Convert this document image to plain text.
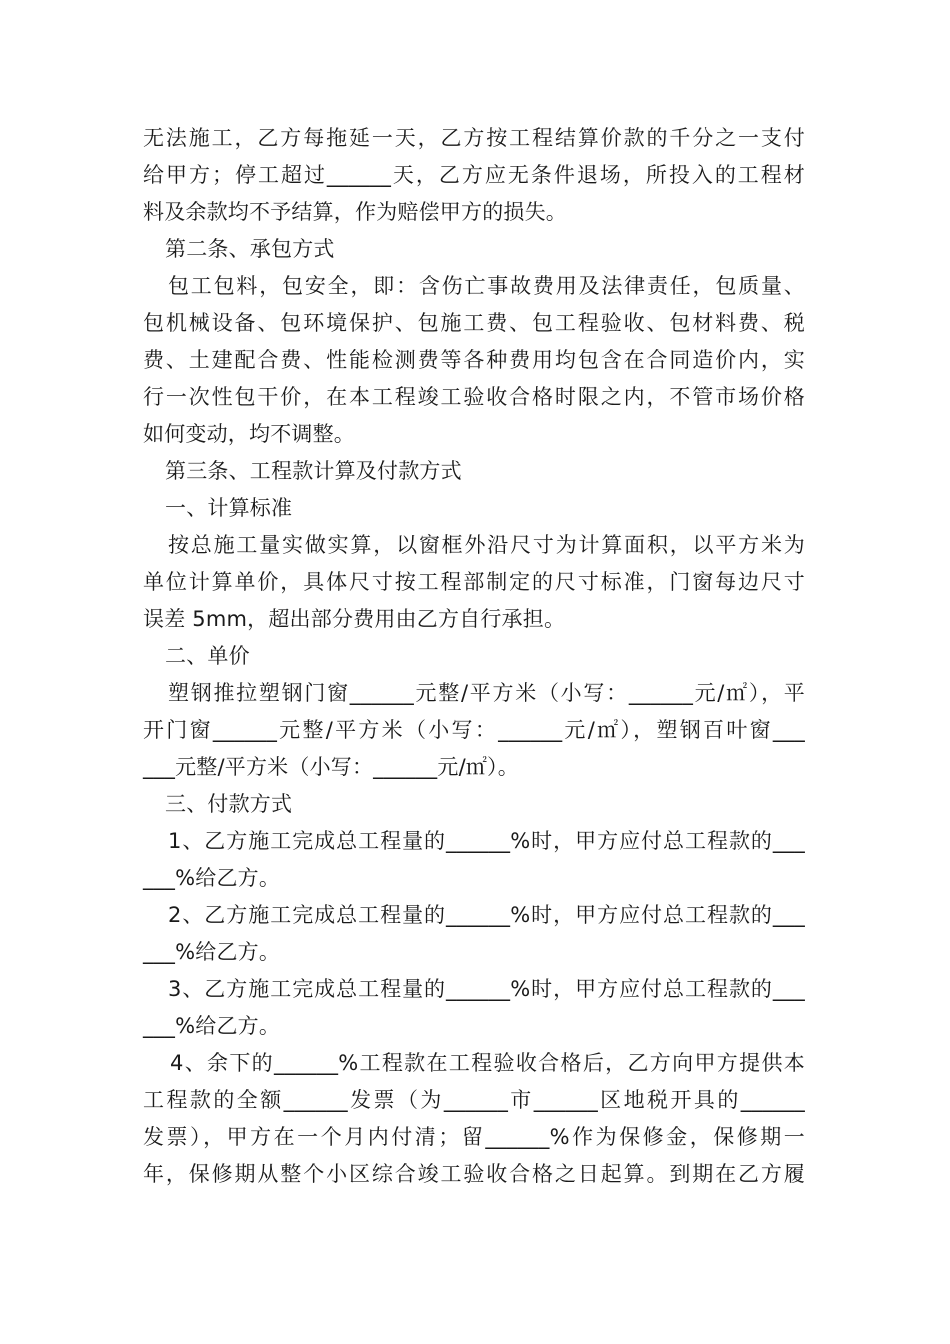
无法施工，乙方每拖延一天，乙方按工程结算价款的千分之一支付
给甲方；停工超过______天，乙方应无条件退场，所投入的工程材
料及余款均不予结算，作为赔偿甲方的损失。
第二条、承包方式
包工包料，包安全，即：含伤亡事故费用及法律责任，包质量、
包机械设备、包环境保护、包施工费、包工程验收、包材料费、税
费、土建配合费、性能检测费等各种费用均包含在合同造价内，实
行一次性包干价，在本工程竣工验收合格时限之内，不管市场价格
如何变动，均不调整。
第三条、工程款计算及付款方式
一、计算标准
按总施工量实做实算，以窗框外沿尺寸为计算面积，以平方米为
单位计算单价，具体尺寸按工程部制定的尺寸标准，门窗每边尺寸
误差 5mm，超出部分费用由乙方自行承担。
二、单价
塑钢推拉塑钢门窗______元整/平方米（小写：______元/㎡），平
开门窗______元整/平方米（小写：______元/㎡），塑钢百叶窗___
___元整/平方米（小写：______元/㎡）。
三、付款方式
1、乙方施工完成总工程量的______%时，甲方应付总工程款的___
___%给乙方。
2、乙方施工完成总工程量的______%时，甲方应付总工程款的___
___%给乙方。
3、乙方施工完成总工程量的______%时，甲方应付总工程款的___
___%给乙方。
4、余下的______%工程款在工程验收合格后，乙方向甲方提供本
工程款的全额______发票（为______市______区地税开具的______
发票），甲方在一个月内付清；留______%作为保修金，保修期一
年，保修期从整个小区综合竣工验收合格之日起算。到期在乙方履
